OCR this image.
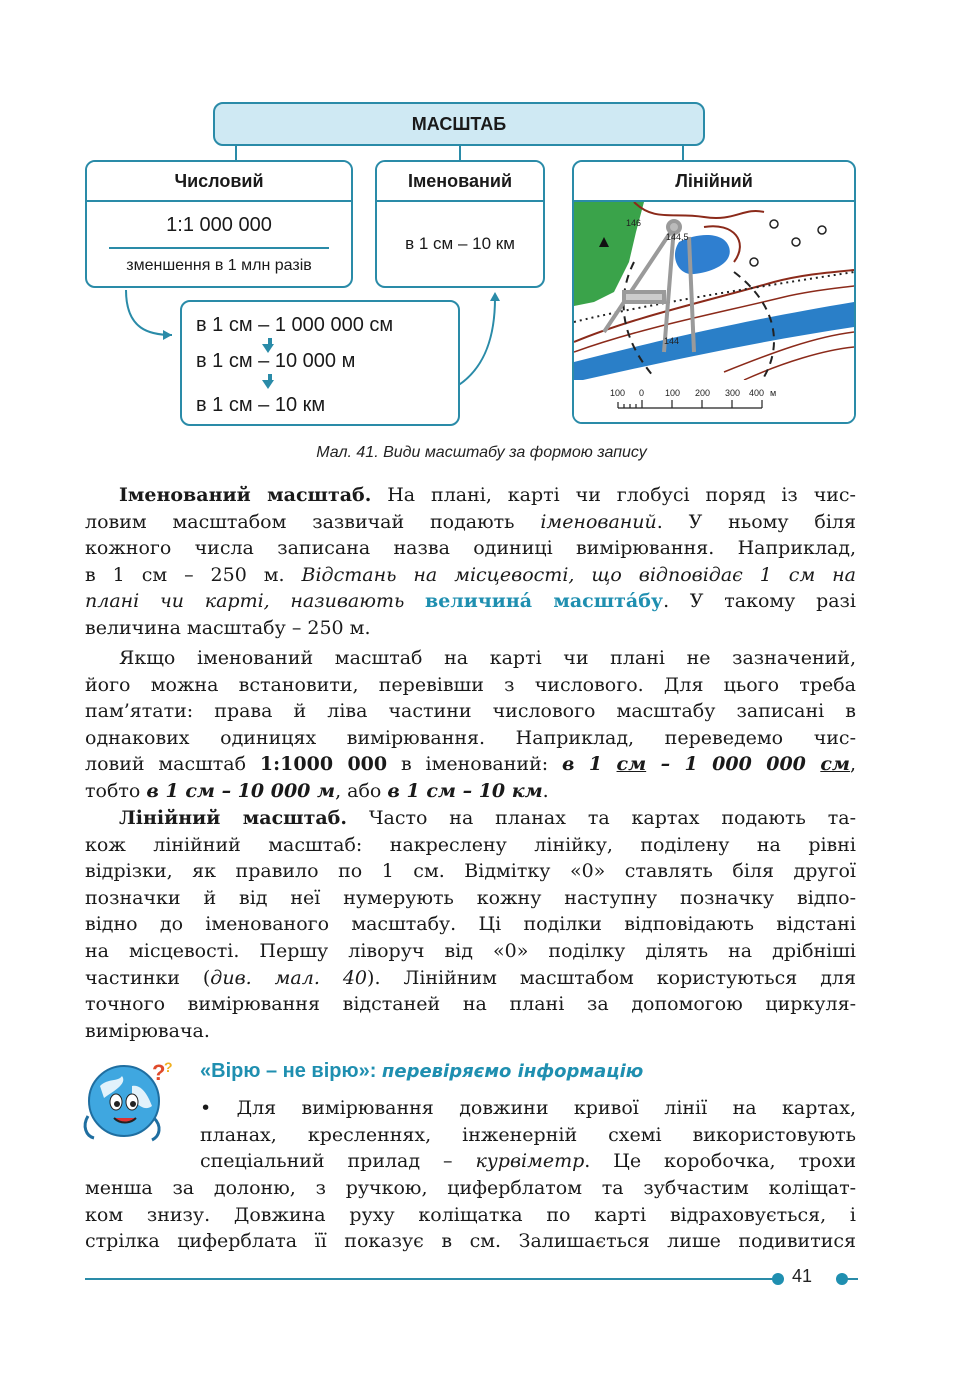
МАСШТАБ
Числовий
1:1 000 000
зменшення в 1 млн разів
Іменований
в 1 см – 10 км
Лінійний
146
144,5
144
100 0 100 200 300 400 м
в 1 см – 1 000 000 см
в 1 см – 10 000 м
в 1 см – 10 км
Мал. 41. Види масштабу за формою запису
Іменований масштаб. На плані, карті чи глобусі поряд із чис-
ловим масштабом зазвичай подають іменований. У ньому біля
кожного числа записана назва одиниці вимірювання. Наприклад,
в 1 см – 250 м. Відстань на місцевості, що відповідає 1 см на
плані чи карті, називають величина́ масшта́бу. У такому разі
величина масштабу – 250 м.
Якщо іменований масштаб на карті чи плані не зазначений,
його можна встановити, перевівши з числового. Для цього треба
пам’ятати: права й ліва частини числового масштабу записані в
однакових одиницях вимірювання. Наприклад, переведемо чис-
ловий масштаб 1:1000 000 в іменований: в 1 см – 1 000 000 см,
тобто в 1 см – 10 000 м, або в 1 см – 10 км.
Лінійний масштаб. Часто на планах та картах подають та-
кож лінійний масштаб: накреслену лінійку, поділену на рівні
відрізки, як правило по 1 см. Відмітку «0» ставлять біля другої
позначки й від неї нумерують кожну наступну позначку відпо-
відно до іменованого масштабу. Ці поділки відповідають відстані
на місцевості. Першу ліворуч від «0» поділку ділять на дрібніші
частинки (див. мал. 40). Лінійним масштабом користуються для
точного вимірювання відстаней на плані за допомогою циркуля-
вимірювача.
?
? «Вірю – не вірю»: перевіряємо інформацію
• Для вимірювання довжини кривої лінії на картах,
планах, кресленнях, інженерній схемі використовують
спеціальний прилад – курвіметр. Це коробочка, трохи
менша за долоню, з ручкою, циферблатом та зубчастим коліщат-
ком знизу. Довжина руху коліщатка по карті відраховується, і
стрілка циферблата її показує в см. Залишається лише подивитися
41
